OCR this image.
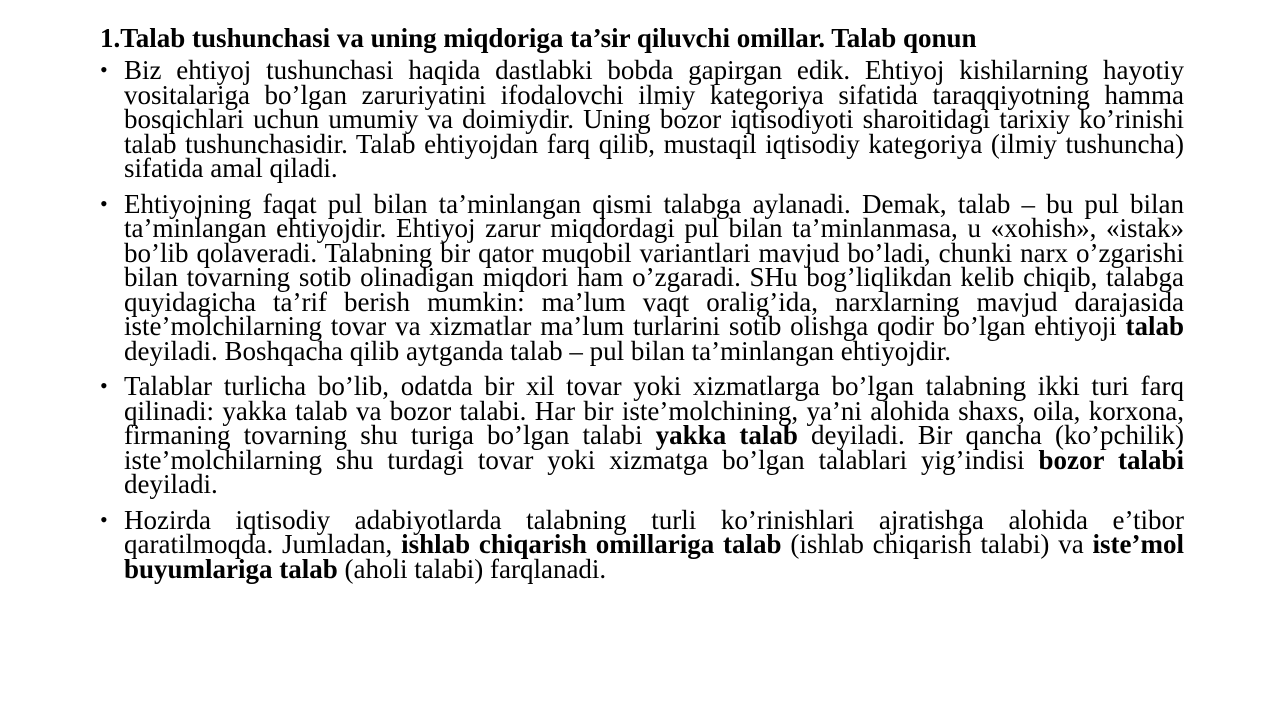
1.Talab tushunchasi va uning miqdoriga ta’sir qiluvchi omillar. Talab qonun
• Biz ehtiyoj tushunchasi haqida dastlabki bobda gapirgan edik. Ehtiyoj kishilarning hayotiy vositalariga bo’lgan zaruriyatini ifodalovchi ilmiy kategoriya sifatida taraqqiyotning hamma bosqichlari uchun umumiy va doimiydir. Uning bozor iqtisodiyoti sharoitidagi tarixiy ko’rinishi talab tushunchasidir. Talab ehtiyojdan farq qilib, mustaqil iqtisodiy kategoriya (ilmiy tushuncha) sifatida amal qiladi.
• Ehtiyojning faqat pul bilan ta’minlangan qismi talabga aylanadi. Demak, talab – bu pul bilan ta’minlangan ehtiyojdir. Ehtiyoj zarur miqdordagi pul bilan ta’minlanmasa, u «xohish», «istak» bo’lib qolaveradi. Talabning bir qator muqobil variantlari mavjud bo’ladi, chunki narx o’zgarishi bilan tovarning sotib olinadigan miqdori ham o’zgaradi. SHu bog’liqlikdan kelib chiqib, talabga quyidagicha ta’rif berish mumkin: ma’lum vaqt oralig’ida, narxlarning mavjud darajasida iste’molchilarning tovar va xizmatlar ma’lum turlarini sotib olishga qodir bo’lgan ehtiyoji talab deyiladi. Boshqacha qilib aytganda talab – pul bilan ta’minlangan ehtiyojdir.
• Talablar turlicha bo’lib, odatda bir xil tovar yoki xizmatlarga bo’lgan talabning ikki turi farq qilinadi: yakka talab va bozor talabi. Har bir iste’molchining, ya’ni alohida shaxs, oila, korxona, firmaning tovarning shu turiga bo’lgan talabi yakka talab deyiladi. Bir qancha (ko’pchilik) iste’molchilarning shu turdagi tovar yoki xizmatga bo’lgan talablari yig’indisi bozor talabi deyiladi.
• Hozirda iqtisodiy adabiyotlarda talabning turli ko’rinishlari ajratishga alohida e’tibor qaratilmoqda. Jumladan, ishlab chiqarish omillariga talab (ishlab chiqarish talabi) va iste’mol buyumlariga talab (aholi talabi) farqlanadi.
